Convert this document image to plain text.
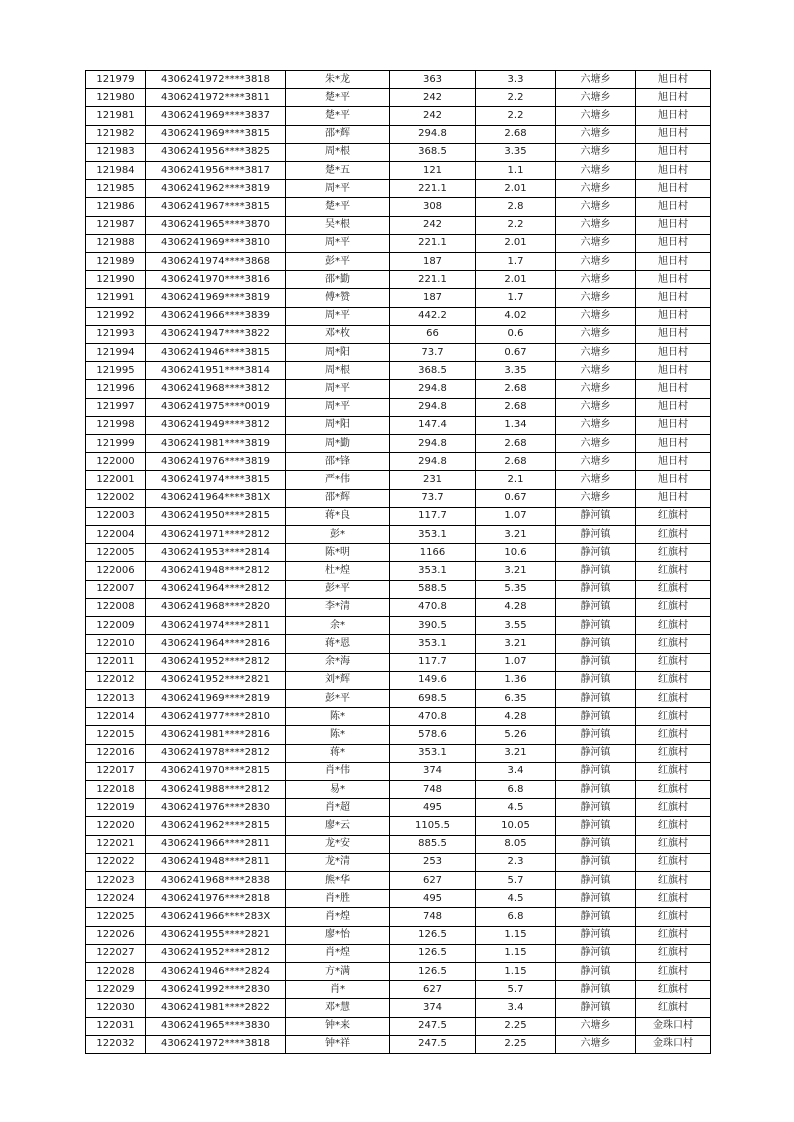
121979	4306241972****3818	朱*龙	363	3.3	六塘乡	旭日村
121980	4306241972****3811	楚*平	242	2.2	六塘乡	旭日村
121981	4306241969****3837	楚*平	242	2.2	六塘乡	旭日村
121982	4306241969****3815	邵*辉	294.8	2.68	六塘乡	旭日村
121983	4306241956****3825	周*根	368.5	3.35	六塘乡	旭日村
121984	4306241956****3817	楚*五	121	1.1	六塘乡	旭日村
121985	4306241962****3819	周*平	221.1	2.01	六塘乡	旭日村
121986	4306241967****3815	楚*平	308	2.8	六塘乡	旭日村
121987	4306241965****3870	吴*根	242	2.2	六塘乡	旭日村
121988	4306241969****3810	周*平	221.1	2.01	六塘乡	旭日村
121989	4306241974****3868	彭*平	187	1.7	六塘乡	旭日村
121990	4306241970****3816	邵*勤	221.1	2.01	六塘乡	旭日村
121991	4306241969****3819	傅*赞	187	1.7	六塘乡	旭日村
121992	4306241966****3839	周*平	442.2	4.02	六塘乡	旭日村
121993	4306241947****3822	邓*枚	66	0.6	六塘乡	旭日村
121994	4306241946****3815	周*阳	73.7	0.67	六塘乡	旭日村
121995	4306241951****3814	周*根	368.5	3.35	六塘乡	旭日村
121996	4306241968****3812	周*平	294.8	2.68	六塘乡	旭日村
121997	4306241975****0019	周*平	294.8	2.68	六塘乡	旭日村
121998	4306241949****3812	周*阳	147.4	1.34	六塘乡	旭日村
121999	4306241981****3819	周*勤	294.8	2.68	六塘乡	旭日村
122000	4306241976****3819	邵*锋	294.8	2.68	六塘乡	旭日村
122001	4306241974****3815	严*伟	231	2.1	六塘乡	旭日村
122002	4306241964****381X	邵*辉	73.7	0.67	六塘乡	旭日村
122003	4306241950****2815	蒋*良	117.7	1.07	静河镇	红旗村
122004	4306241971****2812	彭*	353.1	3.21	静河镇	红旗村
122005	4306241953****2814	陈*明	1166	10.6	静河镇	红旗村
122006	4306241948****2812	杜*煌	353.1	3.21	静河镇	红旗村
122007	4306241964****2812	彭*平	588.5	5.35	静河镇	红旗村
122008	4306241968****2820	李*清	470.8	4.28	静河镇	红旗村
122009	4306241974****2811	余*	390.5	3.55	静河镇	红旗村
122010	4306241964****2816	蒋*恩	353.1	3.21	静河镇	红旗村
122011	4306241952****2812	余*海	117.7	1.07	静河镇	红旗村
122012	4306241952****2821	刘*辉	149.6	1.36	静河镇	红旗村
122013	4306241969****2819	彭*平	698.5	6.35	静河镇	红旗村
122014	4306241977****2810	陈*	470.8	4.28	静河镇	红旗村
122015	4306241981****2816	陈*	578.6	5.26	静河镇	红旗村
122016	4306241978****2812	蒋*	353.1	3.21	静河镇	红旗村
122017	4306241970****2815	肖*伟	374	3.4	静河镇	红旗村
122018	4306241988****2812	易*	748	6.8	静河镇	红旗村
122019	4306241976****2830	肖*超	495	4.5	静河镇	红旗村
122020	4306241962****2815	廖*云	1105.5	10.05	静河镇	红旗村
122021	4306241966****2811	龙*安	885.5	8.05	静河镇	红旗村
122022	4306241948****2811	龙*清	253	2.3	静河镇	红旗村
122023	4306241968****2838	熊*华	627	5.7	静河镇	红旗村
122024	4306241976****2818	肖*胜	495	4.5	静河镇	红旗村
122025	4306241966****283X	肖*煌	748	6.8	静河镇	红旗村
122026	4306241955****2821	廖*怡	126.5	1.15	静河镇	红旗村
122027	4306241952****2812	肖*煌	126.5	1.15	静河镇	红旗村
122028	4306241946****2824	方*满	126.5	1.15	静河镇	红旗村
122029	4306241992****2830	肖*	627	5.7	静河镇	红旗村
122030	4306241981****2822	邓*慧	374	3.4	静河镇	红旗村
122031	4306241965****3830	钟*来	247.5	2.25	六塘乡	金珠口村
122032	4306241972****3818	钟*祥	247.5	2.25	六塘乡	金珠口村
